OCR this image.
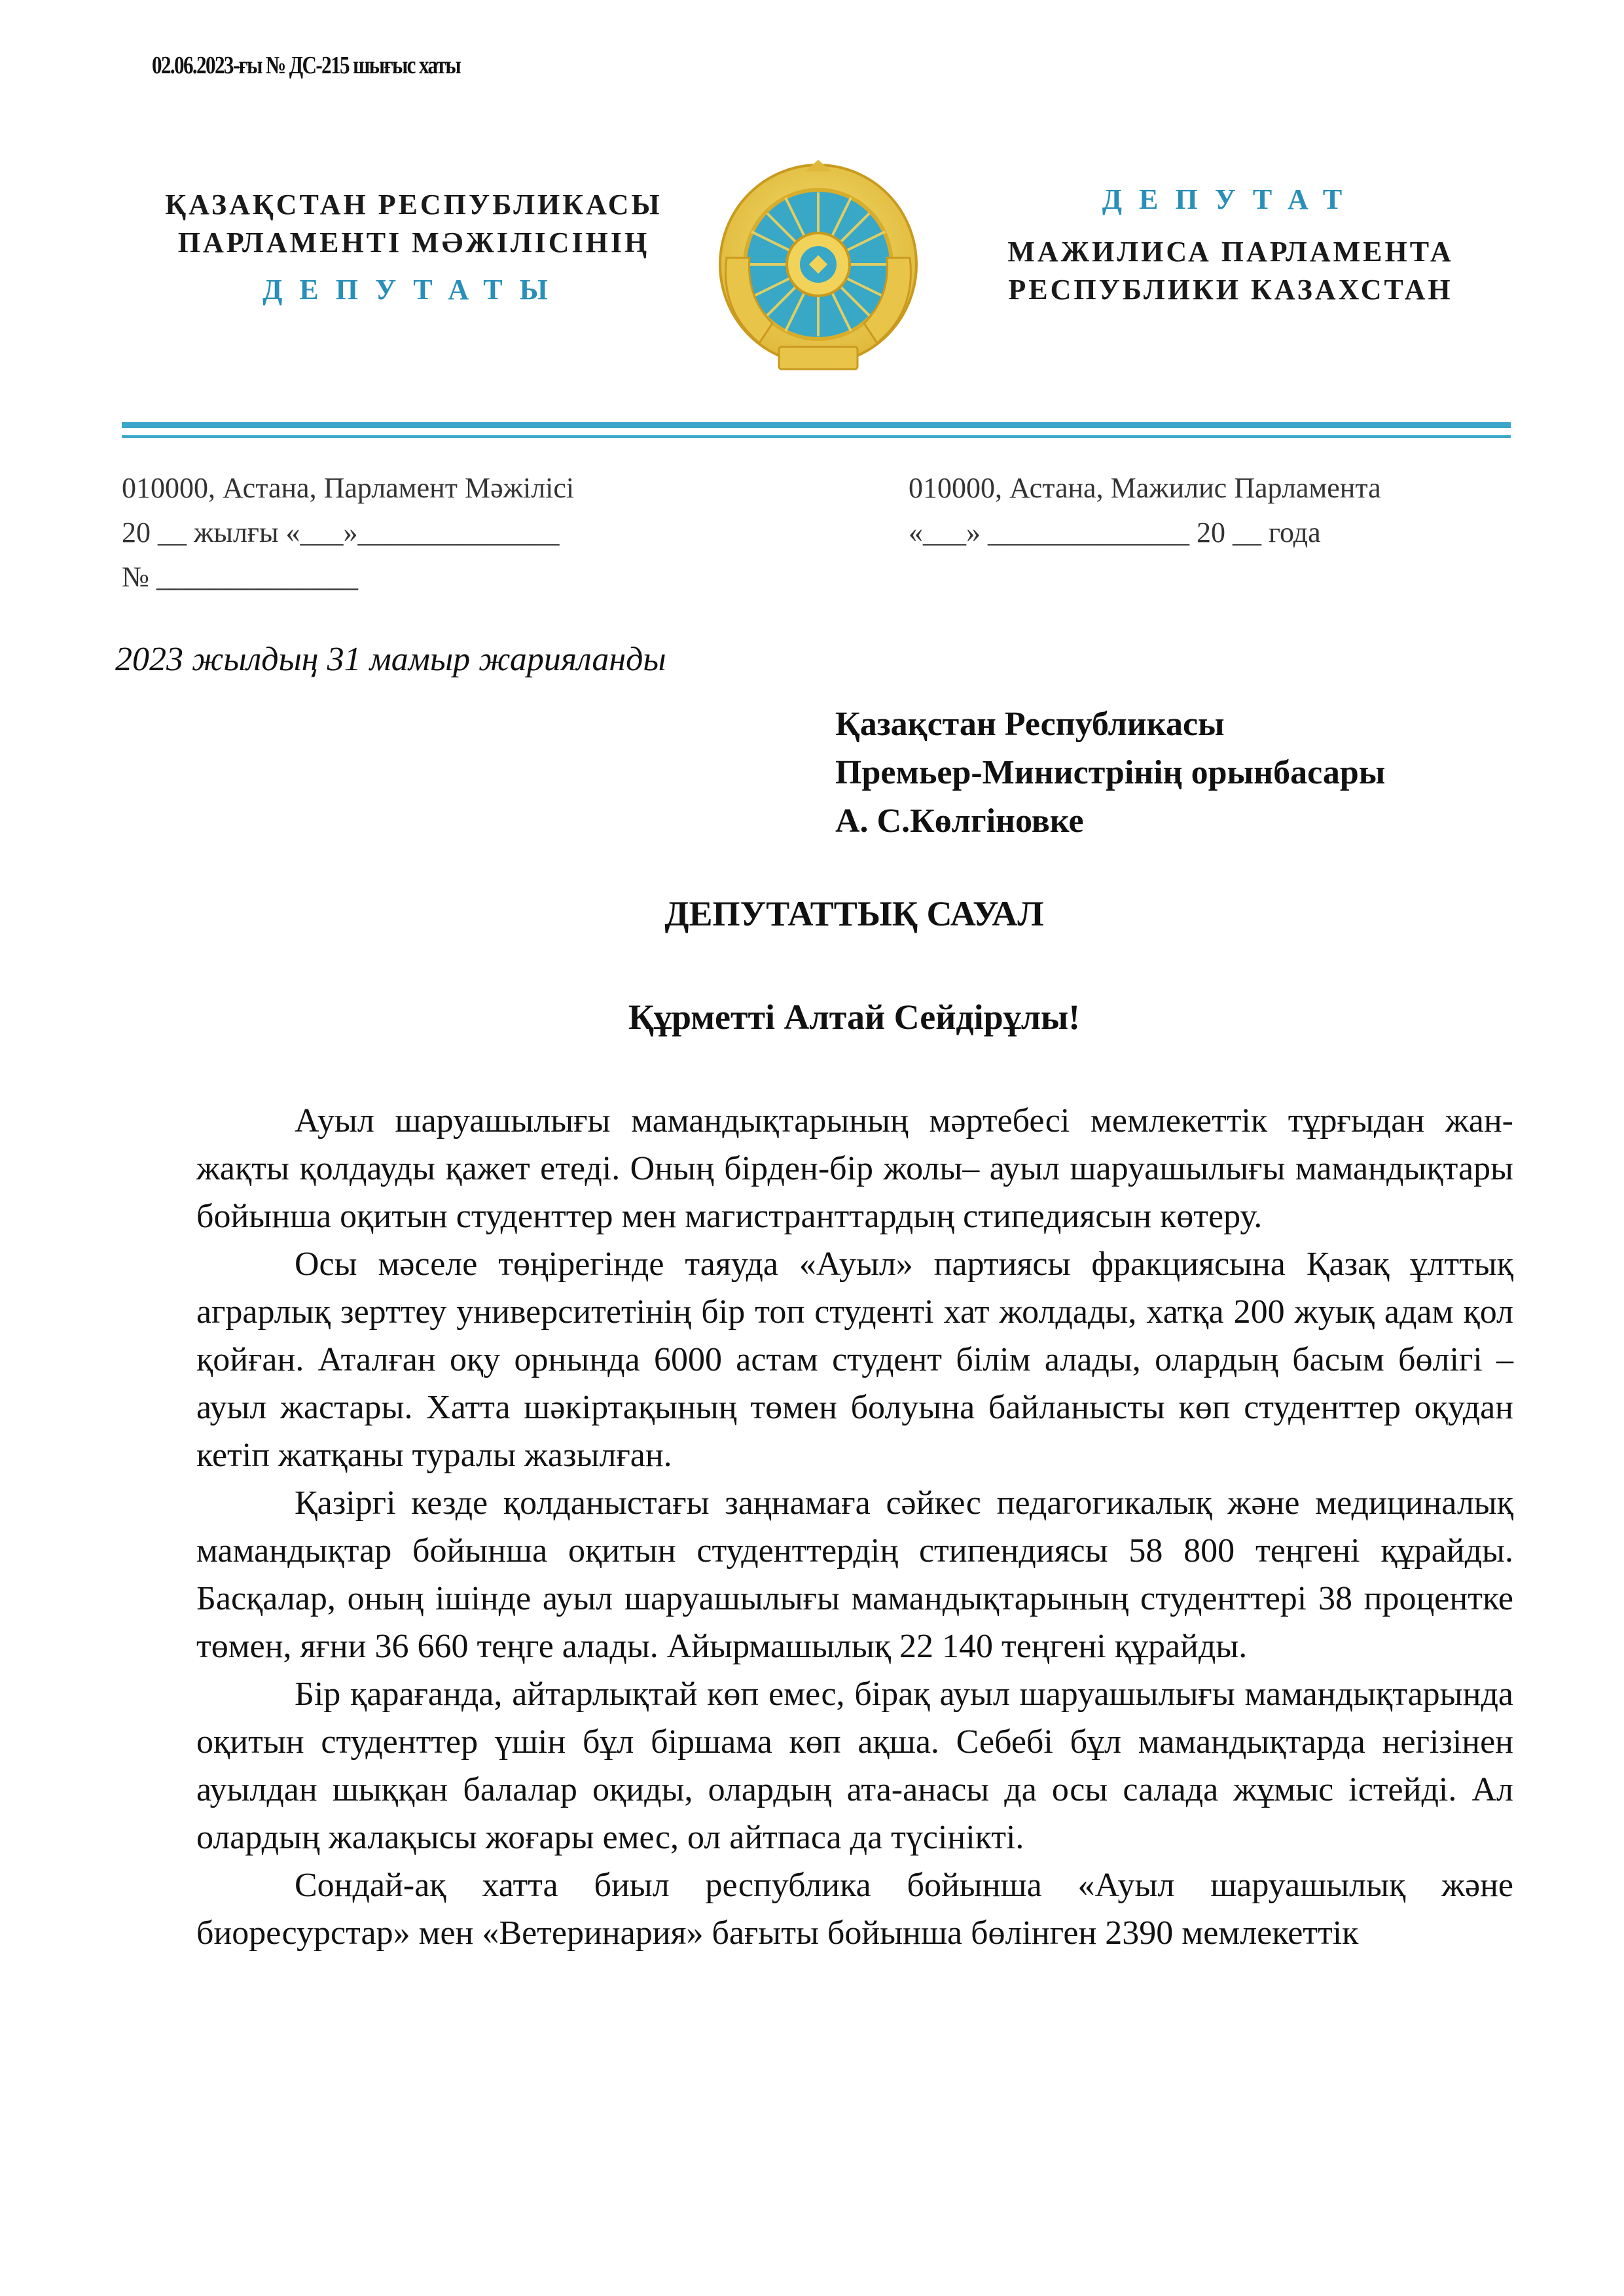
02.06.2023-ғы № ДС-215 шығыс хаты
ҚАЗАҚСТАН РЕСПУБЛИКАСЫ
ПАРЛАМЕНТІ МӘЖІЛІСІНІҢ
ДЕПУТАТЫ
ДЕПУТАТ
МАЖИЛИСА ПАРЛАМЕНТА
РЕСПУБЛИКИ КАЗАХСТАН
010000, Астана, Парламент Мәжілісі
20 __ жылғы «___»______________
№ ______________
010000, Астана, Мажилис Парламента
«___» ______________ 20 __ года
2023 жылдың 31 мамыр жарияланды
Қазақстан Республикасы
Премьер-Министрінің орынбасары
А. С.Көлгіновке
ДЕПУТАТТЫҚ САУАЛ
Құрметті Алтай Сейдірұлы!

Ауыл шаруашылығы мамандықтарының мәртебесі мемлекеттік тұрғыдан жан-жақты қолдауды қажет етеді. Оның бірден-бір жолы– ауыл шаруашылығы мамандықтары бойынша оқитын студенттер мен магистранттардың стипедиясын көтеру.

Осы мәселе төңірегінде таяуда «Ауыл» партиясы фракциясына Қазақ ұлттық аграрлық зерттеу университетінің бір топ студенті хат жолдады, хатқа 200 жуық адам қол қойған. Аталған оқу орнында 6000 астам студент білім алады, олардың басым бөлігі – ауыл жастары. Хатта шәкіртақының төмен болуына байланысты көп студенттер оқудан кетіп жатқаны туралы жазылған.

Қазіргі кезде қолданыстағы заңнамаға сәйкес педагогикалық және медициналық мамандықтар бойынша оқитын студенттердің стипендиясы 58 800 теңгені құрайды. Басқалар, оның ішінде ауыл шаруашылығы мамандықтарының студенттері 38 процентке төмен, яғни 36 660 теңге алады. Айырмашылық 22 140 теңгені құрайды.

Бір қарағанда, айтарлықтай көп емес, бірақ ауыл шаруашылығы мамандықтарында оқитын студенттер үшін бұл біршама көп ақша. Себебі бұл мамандықтарда негізінен ауылдан шыққан балалар оқиды, олардың ата-анасы да осы салада жұмыс істейді. Ал олардың жалақысы жоғары емес, ол айтпаса да түсінікті.

Сондай-ақ хатта биыл республика бойынша «Ауыл шаруашылық және биоресурстар» мен «Ветеринария» бағыты бойынша бөлінген 2390 мемлекеттік
